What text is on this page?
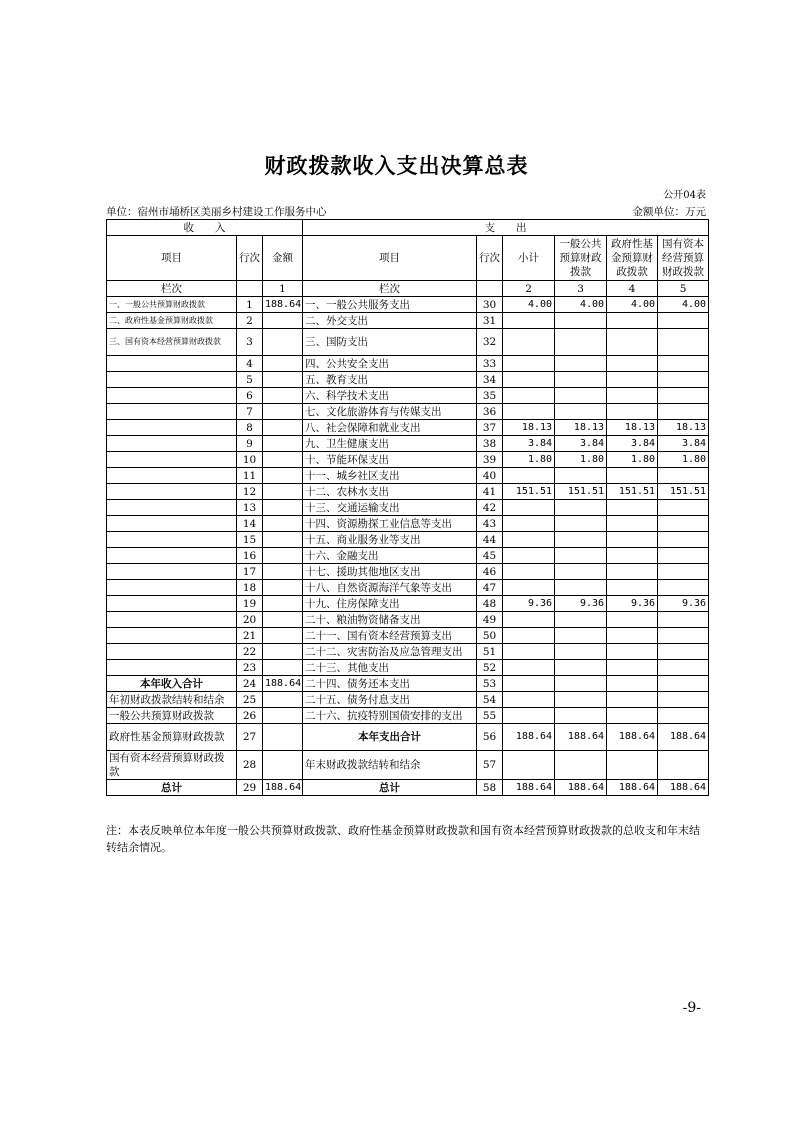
财政拨款收入支出决算总表
公开04表
单位：宿州市埇桥区美丽乡村建设工作服务中心	金额单位：万元
收　　入			支　　出					
项目	行次	金额	项目	行次	小计	一般公共预算财政拨款	政府性基金预算财政拨款	国有资本经营预算财政拨款
栏次		1	栏次		2	3	4	5
一、一般公共预算财政拨款	1	188.64	一、一般公共服务支出	30	4.00	4.00	4.00	4.00
二、政府性基金预算财政拨款	2		二、外交支出	31				
三、国有资本经营预算财政拨款	3		三、国防支出	32				
	4		四、公共安全支出	33				
	5		五、教育支出	34				
	6		六、科学技术支出	35				
	7		七、文化旅游体育与传媒支出	36				
	8		八、社会保障和就业支出	37	18.13	18.13	18.13	18.13
	9		九、卫生健康支出	38	3.84	3.84	3.84	3.84
	10		十、节能环保支出	39	1.80	1.80	1.80	1.80
	11		十一、城乡社区支出	40				
	12		十二、农林水支出	41	151.51	151.51	151.51	151.51
	13		十三、交通运输支出	42				
	14		十四、资源勘探工业信息等支出	43				
	15		十五、商业服务业等支出	44				
	16		十六、金融支出	45				
	17		十七、援助其他地区支出	46				
	18		十八、自然资源海洋气象等支出	47				
	19		十九、住房保障支出	48	9.36	9.36	9.36	9.36
	20		二十、粮油物资储备支出	49				
	21		二十一、国有资本经营预算支出	50				
	22		二十二、灾害防治及应急管理支出	51				
	23		二十三、其他支出	52				
本年收入合计	24	188.64	二十四、债务还本支出	53				
年初财政拨款结转和结余	25		二十五、债务付息支出	54				
一般公共预算财政拨款	26		二十六、抗疫特别国债安排的支出	55				
政府性基金预算财政拨款	27		本年支出合计	56	188.64	188.64	188.64	188.64
国有资本经营预算财政拨款	28		年末财政拨款结转和结余	57				
总计	29	188.64	总计	58	188.64	188.64	188.64	188.64
注：本表反映单位本年度一般公共预算财政拨款、政府性基金预算财政拨款和国有资本经营预算财政拨款的总收支和年末结转结余情况。
-9-
